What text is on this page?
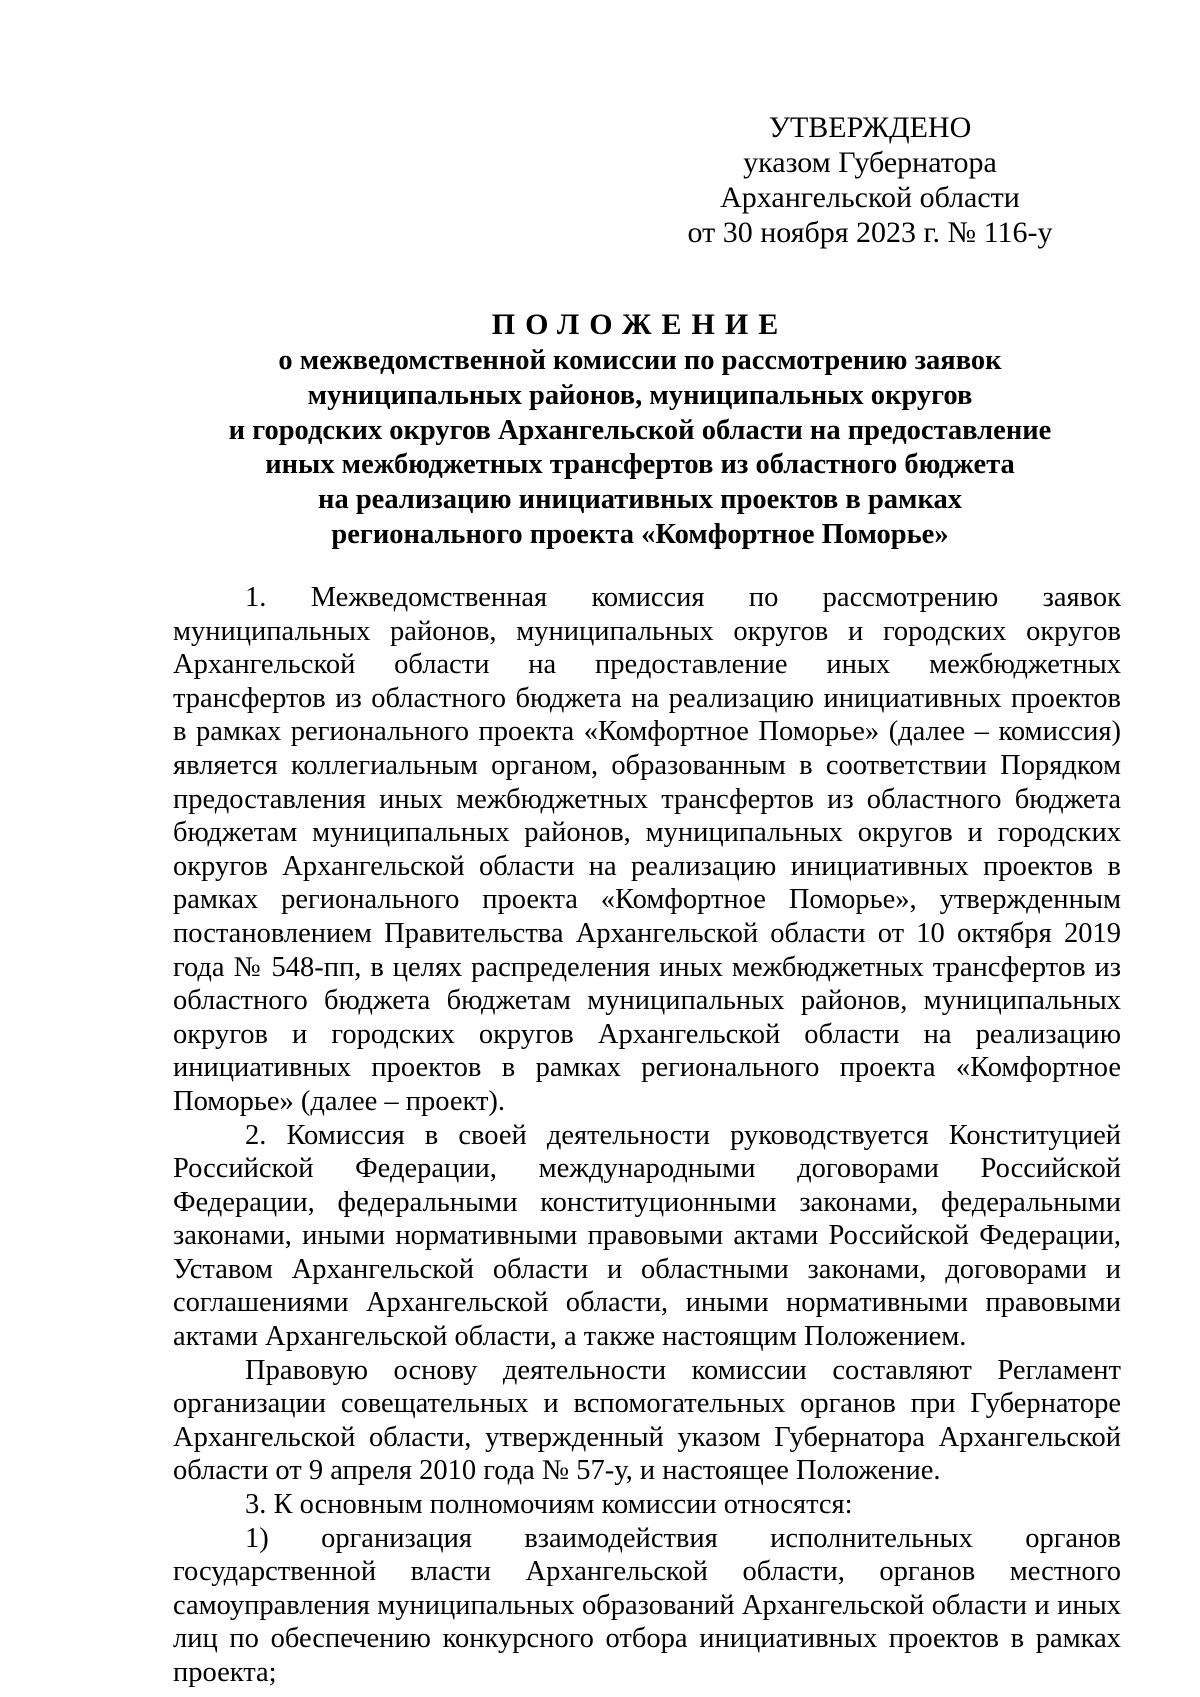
УТВЕРЖДЕНО
указом Губернатора
Архангельской области
от 30 ноября 2023 г. № 116-у
ПОЛОЖЕНИЕ
о межведомственной комиссии по рассмотрению заявок
муниципальных районов, муниципальных округов
и городских округов Архангельской области на предоставление
иных межбюджетных трансфертов из областного бюджета
на реализацию инициативных проектов в рамках
регионального проекта «Комфортное Поморье»

1. Межведомственная комиссия по рассмотрению заявок муниципальных районов, муниципальных округов и городских округов Архангельской области на предоставление иных межбюджетных трансфертов из областного бюджета на реализацию инициативных проектов в рамках регионального проекта «Комфортное Поморье» (далее – комиссия) является коллегиальным органом, образованным в соответствии Порядком предоставления иных межбюджетных трансфертов из областного бюджета бюджетам муниципальных районов, муниципальных округов и городских округов Архангельской области на реализацию инициативных проектов в рамках регионального проекта «Комфортное Поморье», утвержденным постановлением Правительства Архангельской области от 10 октября 2019 года № 548-пп, в целях распределения иных межбюджетных трансфертов из областного бюджета бюджетам муниципальных районов, муниципальных округов и городских округов Архангельской области на реализацию инициативных проектов в рамках регионального проекта «Комфортное Поморье» (далее – проект).

2. Комиссия в своей деятельности руководствуется Конституцией Российской Федерации, международными договорами Российской Федерации, федеральными конституционными законами, федеральными законами, иными нормативными правовыми актами Российской Федерации, Уставом Архангельской области и областными законами, договорами и соглашениями Архангельской области, иными нормативными правовыми актами Архангельской области, а также настоящим Положением.

Правовую основу деятельности комиссии составляют Регламент организации совещательных и вспомогательных органов при Губернаторе Архангельской области, утвержденный указом Губернатора Архангельской области от 9 апреля 2010 года № 57-у, и настоящее Положение.

3. К основным полномочиям комиссии относятся:

1) организация взаимодействия исполнительных органов государственной власти Архангельской области, органов местного самоуправления муниципальных образований Архангельской области и иных лиц по обеспечению конкурсного отбора инициативных проектов в рамках проекта;
